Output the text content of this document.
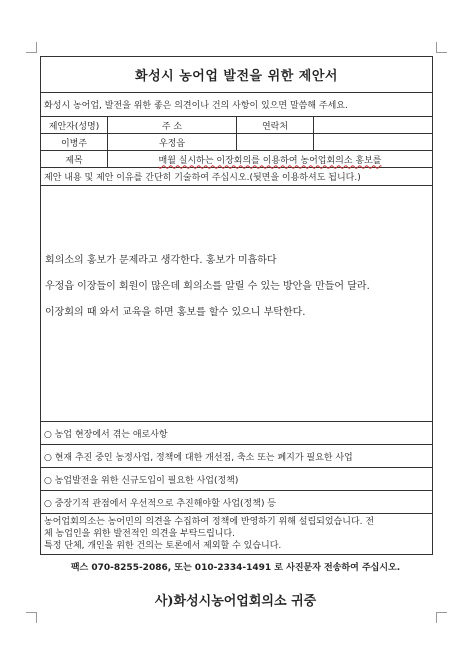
화성시 농어업 발전을 위한 제안서
화성시 농어업, 발전을 위한 좋은 의견이나 건의 사항이 있으면 말씀해 주세요.
제안자(성명)	주 소	연락처
이병주	우정읍
제목	매월 실시하는 이장회의를 이용하여 농어업회의소 홍보를
제안 내용 및 제안 이유를 간단히 기술하여 주십시오.(뒷면을 이용하셔도 됩니다.)

회의소의 홍보가 문제라고 생각한다. 홍보가 미흡하다

우정읍 이장들이 회원이 많은데 회의소를 알릴 수 있는 방안을 만들어 달라.

이장회의 때 와서 교육을 하면 홍보를 할수 있으니 부탁한다.

○ 농업 현장에서 겪는 애로사항
○ 현재 추진 중인 농정사업, 정책에 대한 개선점, 축소 또는 폐지가 필요한 사업
○ 농업발전을 위한 신규도입이 필요한 사업(정책)
○ 중장기적 관점에서 우선적으로 추진해야할 사업(정책) 등
농어업회의소는 농어민의 의견을 수집하여 정책에 반영하기 위해 설립되었습니다. 전
체 농업인을 위한 발전적인 의견을 부탁드립니다.
특정 단체, 개인을 위한 건의는 토론에서 제외할 수 있습니다.
팩스 070-8255-2086, 또는 010-2334-1491 로 사진문자 전송하여 주십시오.
사)화성시농어업회의소 귀중
